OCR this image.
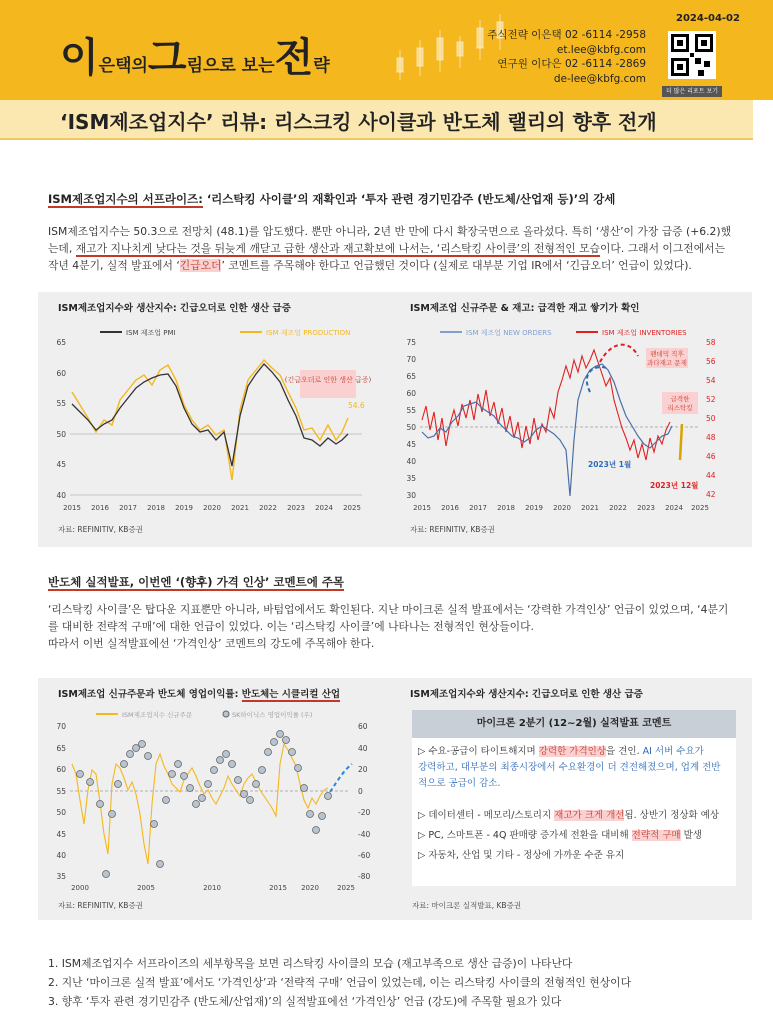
이은택의그림으로 보는전략
2024-04-02
주식전략 이은택 02 -6114 -2958
et.lee@kbfg.com
연구원 이다은 02 -6114 -2869
de-lee@kbfg.com
더 많은 리포트 보기
‘ISM제조업지수’ 리뷰: 리스크킹 사이클과 반도체 랠리의 향후 전개
ISM제조업지수의 서프라이즈: ‘리스탁킹 사이클’의 재확인과 ‘투자 관련 경기민감주 (반도체/산업재 등)’의 강세
ISM제조업지수는 50.3으로 전망치 (48.1)를 압도했다. 뿐만 아니라, 2년 반 만에 다시 확장국면으로 올라섰다. 특히 ‘생산’이 가장 급증 (+6.2)했
는데, 재고가 지나치게 낮다는 것을 뒤늦게 깨닫고 급한 생산과 재고확보에 나서는, ‘리스탁킹 사이클’의 전형적인 모습이다. 그래서 이그전에서는
작년 4분기, 실적 발표에서 ‘긴급오더’ 코멘트를 주목해야 한다고 언급했던 것이다 (실제로 대부분 기업 IR에서 ‘긴급오더’ 언급이 있었다).
ISM제조업지수와 생산지수: 긴급오더로 인한 생산 급증
ISM 제조업 PMI	ISM 제조업 PRODUCTION
65
60
55
50
45
40
2015 2016 2017 2018 2019 2020 2021 2022 2023 2024 2025
(긴급오더로 인한 생산 급증)
54.6
자료: REFINITIV, KB증권
ISM제조업 신규주문 & 재고: 급격한 재고 쌓기가 확인
ISM 제조업 NEW ORDERS	ISM 제조업 INVENTORIES
75
70
65
60
55
50
45
40
35
30
58
56
54
52
50
48
46
44
42
팬데믹 직후
과다재고 문제
급격한
리스탁킹
2023년 1월
2023년 12월
2015 2016 2017 2018 2019 2020 2021 2022 2023 2024 2025
자료: REFINITIV, KB증권
반도체 실적발표, 이번엔 ‘(향후) 가격 인상’ 코멘트에 주목
‘리스탁킹 사이클’은 탑다운 지표뿐만 아니라, 바텀업에서도 확인된다. 지난 마이크론 실적 발표에서는 ‘강력한 가격인상’ 언급이 있었으며, ‘4분기
를 대비한 전략적 구매’에 대한 언급이 있었다. 이는 ‘리스탁킹 사이클’에 나타나는 전형적인 현상들이다.
따라서 이번 실적발표에선 ‘가격인상’ 코멘트의 강도에 주목해야 한다.
ISM제조업 신규주문과 반도체 영업이익률: 반도체는 시클리컬 산업
ISM제조업지수 신규주문	SK하이닉스 영업이익률 (우)
70
65
60
55
50
45
40
35
60
40
20
0
-20
-40
-60
-80
2000	2005	2010	2015 2020	2025
자료: REFINITIV, KB증권
ISM제조업지수와 생산지수: 긴급오더로 인한 생산 급증
마이크론 2분기 (12~2월) 실적발표 코멘트
▷ 수요-공급이 타이트해지며 강력한 가격인상을 견인. AI 서버 수요가
강력하고, 대부분의 최종시장에서 수요환경이 더 견전해졌으며, 업계 전반
적으로 공급이 감소.
▷ 데이터센터 - 메모리/스토리지 재고가 크게 개선됨. 상반기 정상화 예상
▷ PC, 스마트폰 - 4Q 판매량 증가세 전환을 대비해 전략적 구매 발생
▷ 자동차, 산업 및 기타 - 정상에 가까운 수준 유지
자료: 마이크론 실적발표, KB증권
1. ISM제조업지수 서프라이즈의 세부항목을 보면 리스탁킹 사이클의 모습 (재고부족으로 생산 급증)이 나타난다
2. 지난 ‘마이크론 실적 발표’에서도 ‘가격인상’과 ‘전략적 구매’ 언급이 있었는데, 이는 리스탁킹 사이클의 전형적인 현상이다
3. 향후 ‘투자 관련 경기민감주 (반도체/산업재)’의 실적발표에선 ‘가격인상’ 언급 (강도)에 주목할 필요가 있다
